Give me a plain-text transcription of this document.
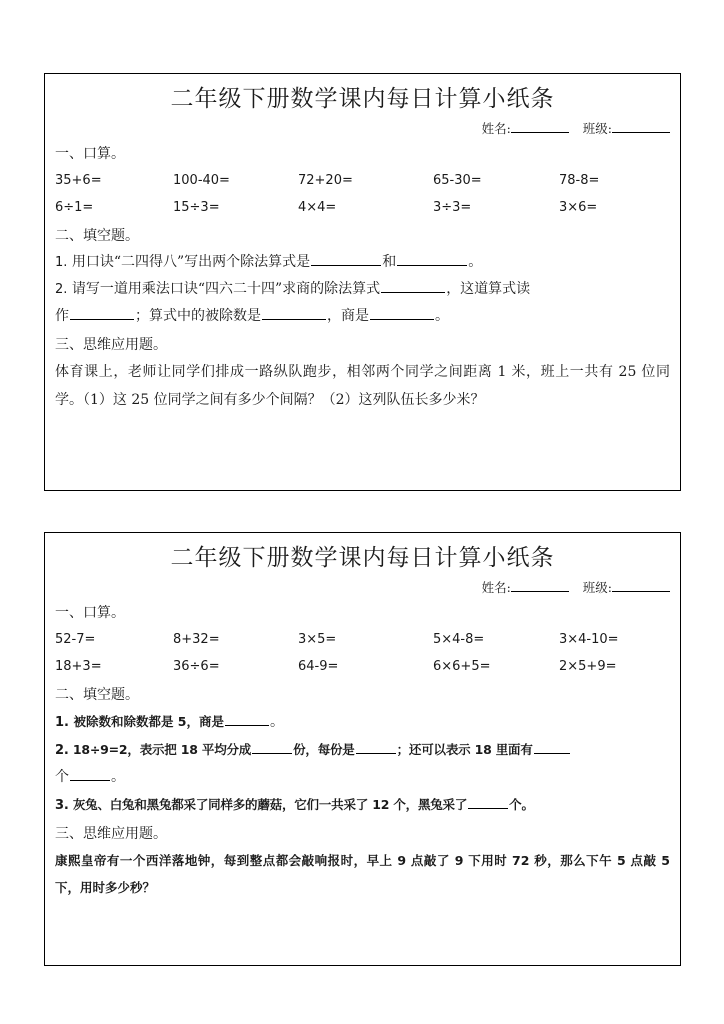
二年级下册数学课内每日计算小纸条
姓名:	班级:
一、口算。
35+6=	100-40=	72+20=	65-30=	78-8=
6÷1=	15÷3=	4×4=	3÷3=	3×6=
二、填空题。
1. 用口诀“二四得八”写出两个除法算式是	和	。
2. 请写一道用乘法口诀“四六二十四”求商的除法算式	，这道算式读
作	；算式中的被除数是	，商是	。
三、思维应用题。
体育课上，老师让同学们排成一路纵队跑步，相邻两个同学之间距离 1 米，班上一共有 25 位同学。（1）这 25 位同学之间有多少个间隔？（2）这列队伍长多少米？
二年级下册数学课内每日计算小纸条
姓名:	班级:
一、口算。
52-7=	8+32=	3×5=	5×4-8=	3×4-10=
18+3=	36÷6=	64-9=	6×6+5=	2×5+9=
二、填空题。
1. 被除数和除数都是 5，商是	。
2. 18÷9=2，表示把 18 平均分成	份，每份是	；还可以表示 18 里面有
个	。
3. 灰兔、白兔和黑兔都采了同样多的蘑菇，它们一共采了 12 个，黑兔采了	个。
三、思维应用题。
康熙皇帝有一个西洋落地钟，每到整点都会敲响报时，早上 9 点敲了 9 下用时 72 秒，那么下午 5 点敲 5 下，用时多少秒？
